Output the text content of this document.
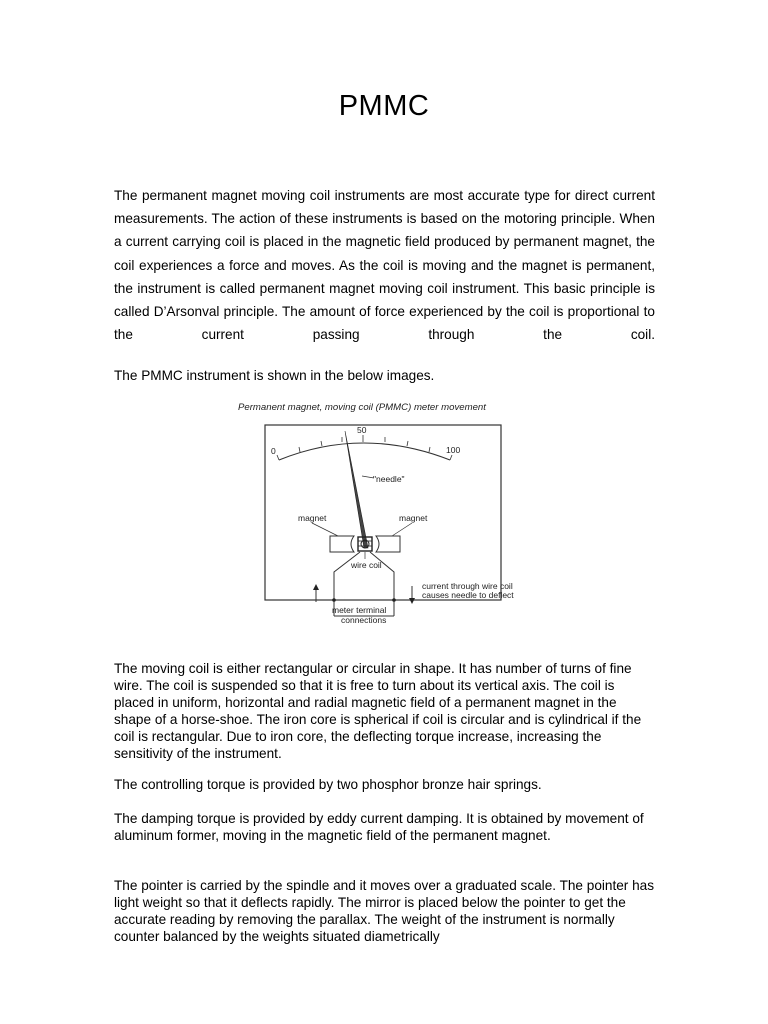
PMMC

The permanent magnet moving coil instruments are most accurate type for direct current measurements. The action of these instruments is based on the motoring principle. When a current carrying coil is placed in the magnetic field produced by permanent magnet, the coil experiences a force and moves. As the coil is moving and the magnet is permanent, the instrument is called permanent magnet moving coil instrument. This basic principle is called D’Arsonval principle. The amount of force experienced by the coil is proportional to the current passing through the coil.

The PMMC instrument is shown in the below images.

Permanent magnet, moving coil (PMMC) meter movement
0
50
100
"needle"
magnet	magnet
wire coil
meter terminal
connections
current through wire coil
causes needle to deflect

The moving coil is either rectangular or circular in shape. It has number of turns of fine wire. The coil is suspended so that it is free to turn about its vertical axis. The coil is placed in uniform, horizontal and radial magnetic field of a permanent magnet in the shape of a horse-shoe. The iron core is spherical if coil is circular and is cylindrical if the coil is rectangular. Due to iron core, the deflecting torque increase, increasing the sensitivity of the instrument.

The controlling torque is provided by two phosphor bronze hair springs.

The damping torque is provided by eddy current damping. It is obtained by movement of aluminum former, moving in the magnetic field of the permanent magnet.

The pointer is carried by the spindle and it moves over a graduated scale. The pointer has light weight so that it deflects rapidly. The mirror is placed below the pointer to get the accurate reading by removing the parallax. The weight of the instrument is normally counter balanced by the weights situated diametrically
